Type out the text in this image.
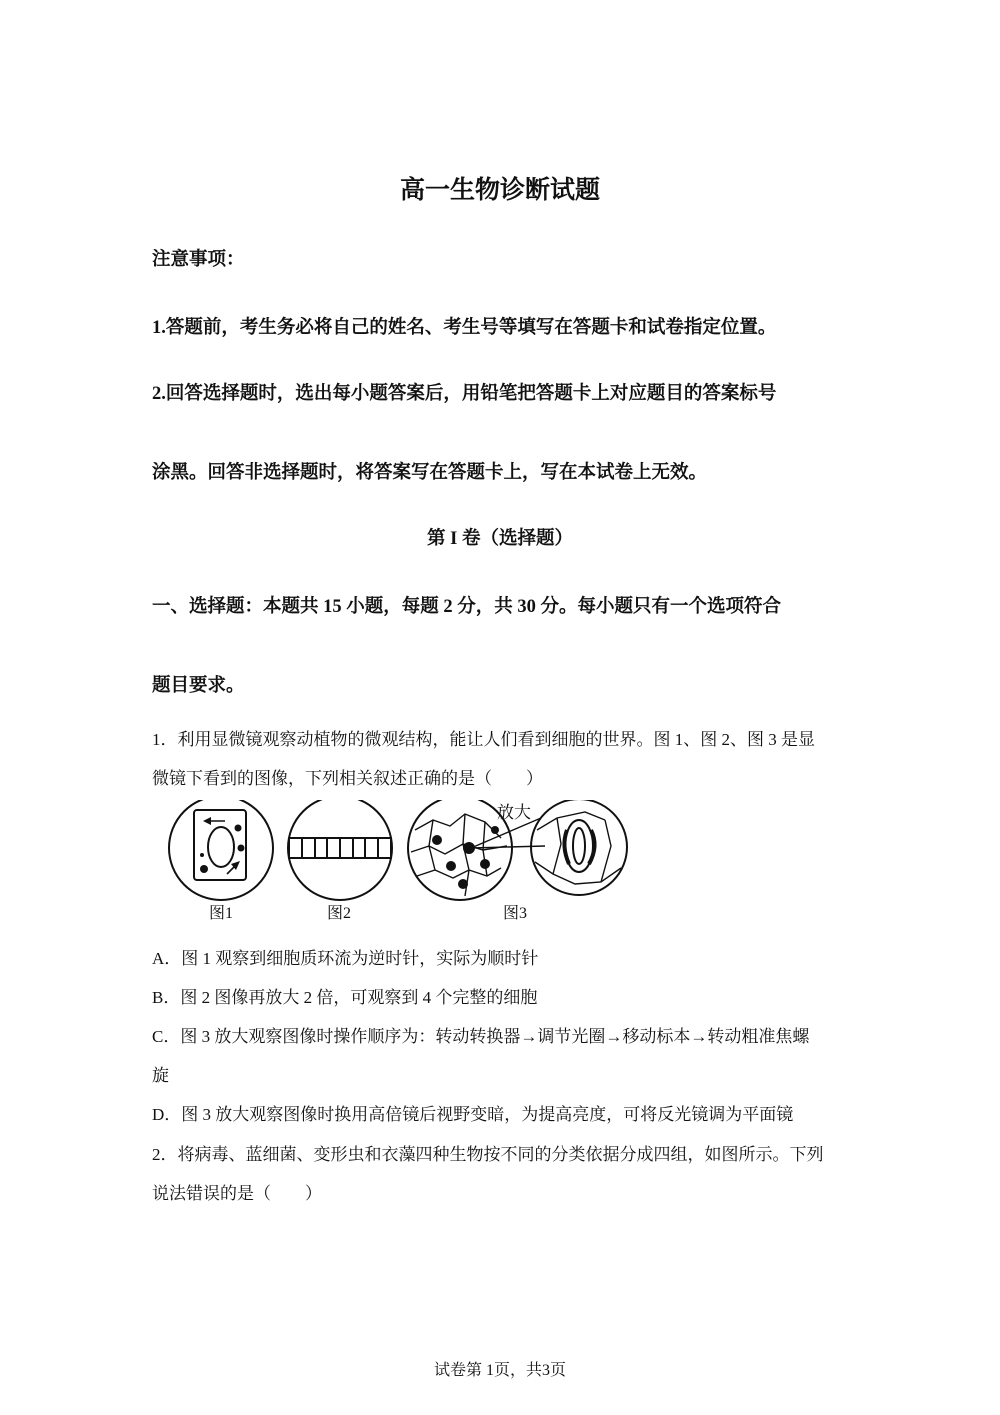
高一生物诊断试题
注意事项：
1.答题前，考生务必将自己的姓名、考生号等填写在答题卡和试卷指定位置。
2.回答选择题时，选出每小题答案后，用铅笔把答题卡上对应题目的答案标号
涂黑。回答非选择题时，将答案写在答题卡上，写在本试卷上无效。
第 I 卷（选择题）
一、选择题：本题共 15 小题，每题 2 分，共 30 分。每小题只有一个选项符合
题目要求。
1．利用显微镜观察动植物的微观结构，能让人们看到细胞的世界。图 1、图 2、图 3 是显
微镜下看到的图像，下列相关叙述正确的是（　　）
放大
图1	图2	图3
A．图 1 观察到细胞质环流为逆时针，实际为顺时针
B．图 2 图像再放大 2 倍，可观察到 4 个完整的细胞
C．图 3 放大观察图像时操作顺序为：转动转换器→调节光圈→移动标本→转动粗准焦螺
旋
D．图 3 放大观察图像时换用高倍镜后视野变暗，为提高亮度，可将反光镜调为平面镜
2．将病毒、蓝细菌、变形虫和衣藻四种生物按不同的分类依据分成四组，如图所示。下列
说法错误的是（　　）
试卷第 1页，共3页
